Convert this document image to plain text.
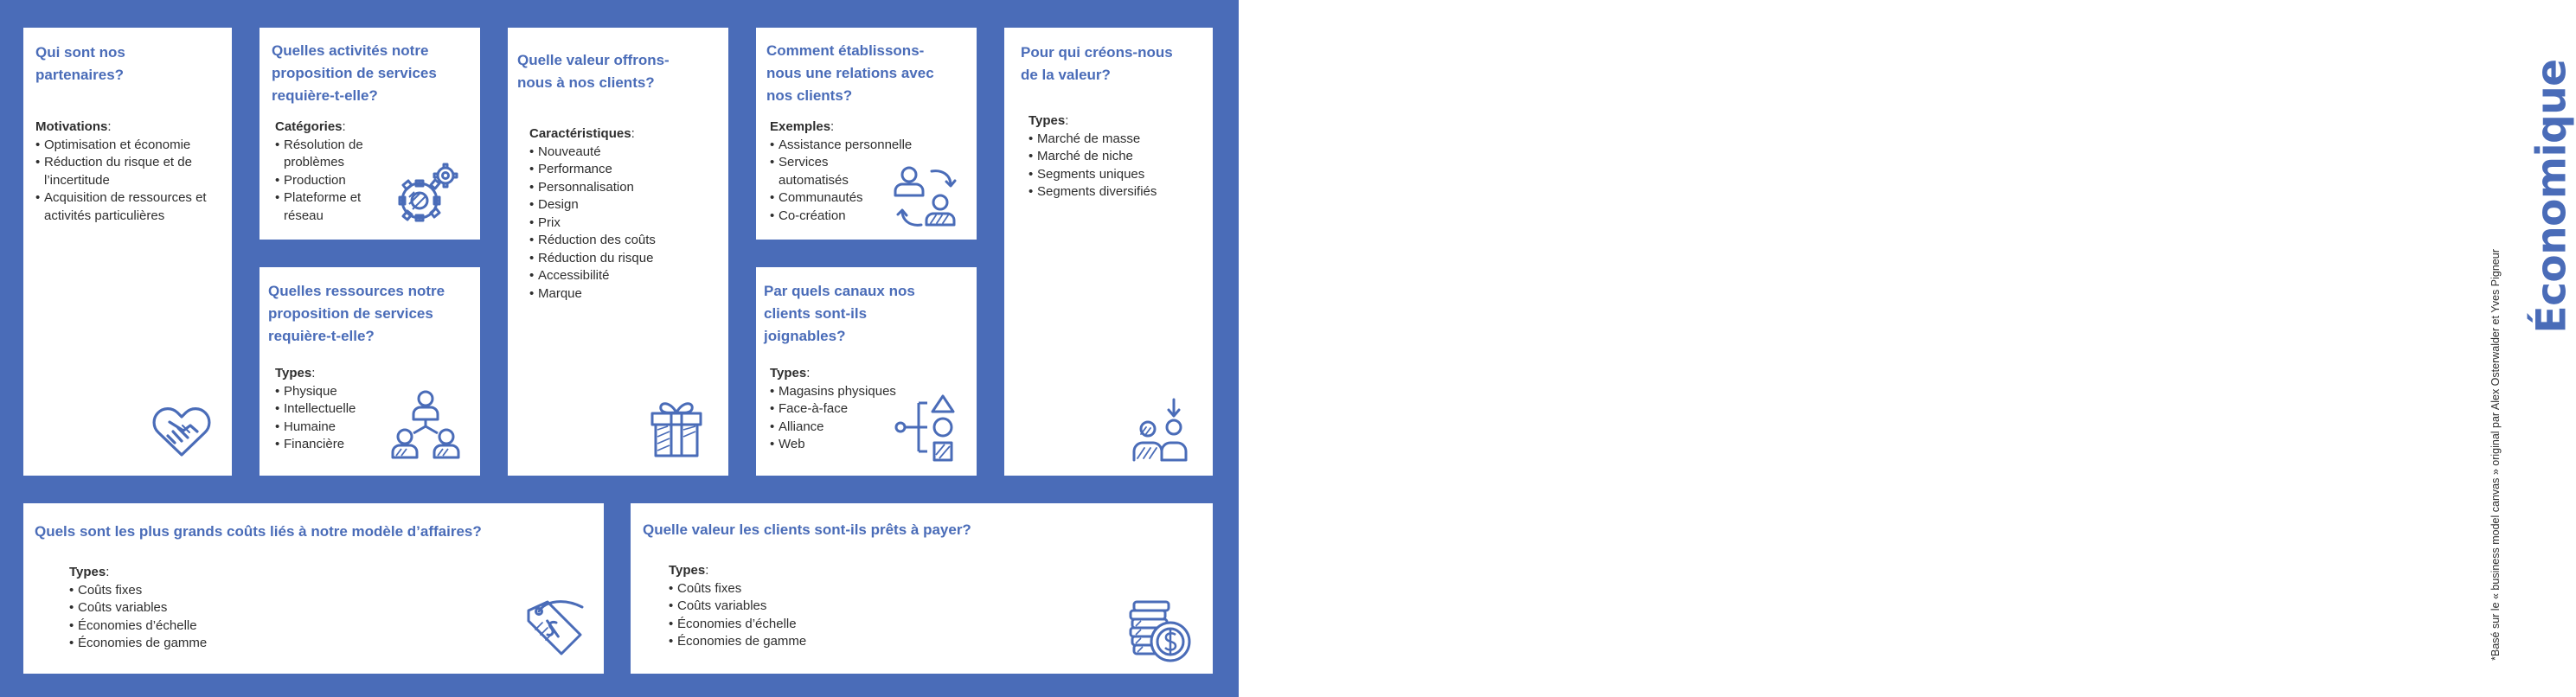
Qui sont nos partenaires?

Motivations:
• Optimisation et économie
• Réduction du risque et de l’incertitude
• Acquisition de ressources et activités particulières

Quelles activités notre proposition de services requière-t-elle?

Catégories:
• Résolution de problèmes
• Production
• Plateforme et réseau

Quelles ressources notre proposition de services requière-t-elle?

Types:
• Physique
• Intellectuelle
• Humaine
• Financière

Quelle valeur offrons-nous à nos clients?

Caractéristiques:
• Nouveauté
• Performance
• Personnalisation
• Design
• Prix
• Réduction des coûts
• Réduction du risque
• Accessibilité
• Marque

Comment établissons-nous une relations avec nos clients?

Exemples:
• Assistance personnelle
• Services automatisés
• Communautés
• Co-création

Par quels canaux nos clients sont-ils joignables?

Types:
• Magasins physiques
• Face-à-face
• Alliance
• Web

Pour qui créons-nous de la valeur?

Types:
• Marché de masse
• Marché de niche
• Segments uniques
• Segments diversifiés

Quels sont les plus grands coûts liés à notre modèle d’affaires?

Types:
• Coûts fixes
• Coûts variables
• Économies d’échelle
• Économies de gamme

Quelle valeur les clients sont-ils prêts à payer?

Types:
• Coûts fixes
• Coûts variables
• Économies d’échelle
• Économies de gamme
Économique
*Basé sur le « business model canvas » original par Alex Osterwalder et Yves Pigneur
